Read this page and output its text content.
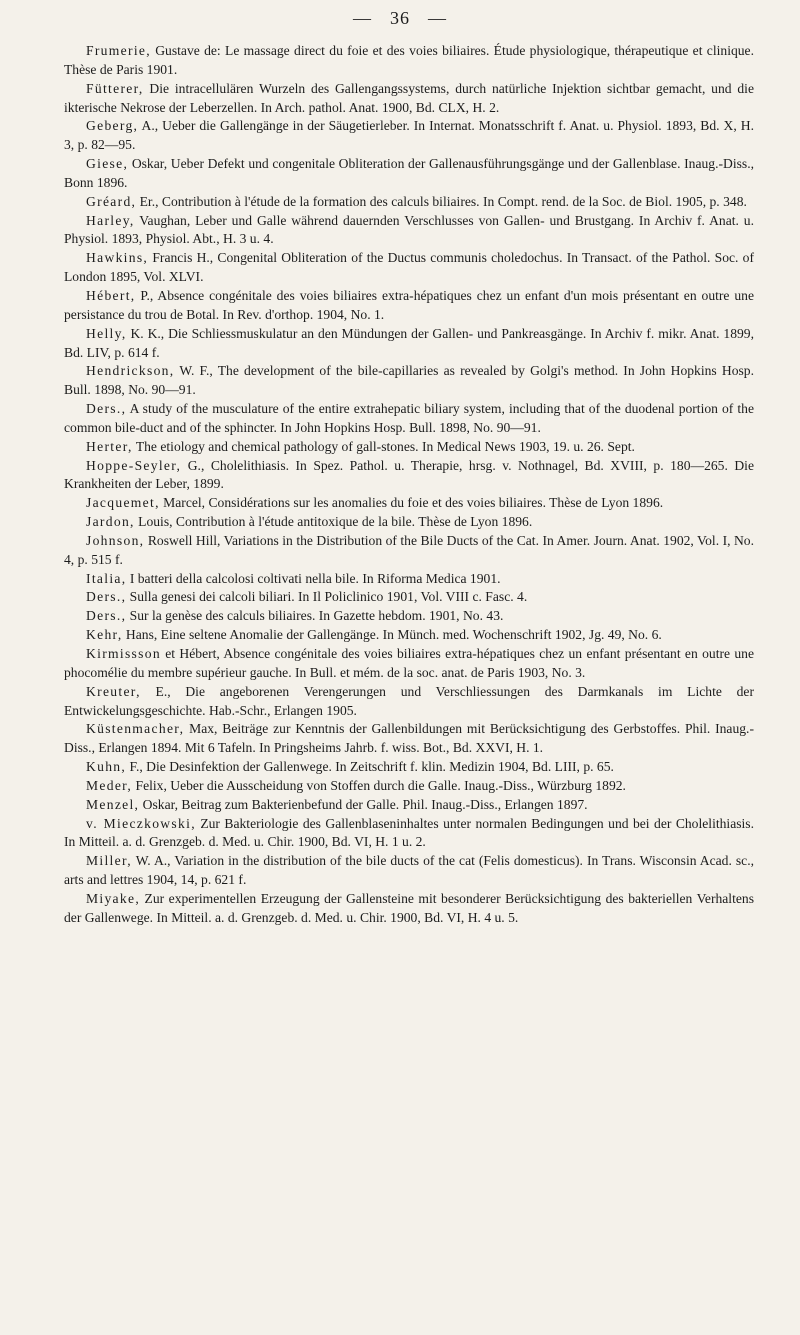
— 36 —

Frumerie, Gustave de: Le massage direct du foie et des voies biliaires. Étude physiologique, thérapeutique et clinique. Thèse de Paris 1901.

Fütterer, Die intracellulären Wurzeln des Gallengangssystems, durch natürliche Injektion sichtbar gemacht, und die ikterische Nekrose der Leberzellen. In Arch. pathol. Anat. 1900, Bd. CLX, H. 2.

Geberg, A., Ueber die Gallengänge in der Säugetierleber. In Internat. Monatsschrift f. Anat. u. Physiol. 1893, Bd. X, H. 3, p. 82—95.

Giese, Oskar, Ueber Defekt und congenitale Obliteration der Gallenausführungsgänge und der Gallenblase. Inaug.-Diss., Bonn 1896.

Gréard, Er., Contribution à l'étude de la formation des calculs biliaires. In Compt. rend. de la Soc. de Biol. 1905, p. 348.

Harley, Vaughan, Leber und Galle während dauernden Verschlusses von Gallen- und Brustgang. In Archiv f. Anat. u. Physiol. 1893, Physiol. Abt., H. 3 u. 4.

Hawkins, Francis H., Congenital Obliteration of the Ductus communis choledochus. In Transact. of the Pathol. Soc. of London 1895, Vol. XLVI.

Hébert, P., Absence congénitale des voies biliaires extra-hépatiques chez un enfant d'un mois présentant en outre une persistance du trou de Botal. In Rev. d'orthop. 1904, No. 1.

Helly, K. K., Die Schliessmuskulatur an den Mündungen der Gallen- und Pankreasgänge. In Archiv f. mikr. Anat. 1899, Bd. LIV, p. 614 f.

Hendrickson, W. F., The development of the bile-capillaries as revealed by Golgi's method. In John Hopkins Hosp. Bull. 1898, No. 90—91.

Ders., A study of the musculature of the entire extrahepatic biliary system, including that of the duodenal portion of the common bile-duct and of the sphincter. In John Hopkins Hosp. Bull. 1898, No. 90—91.

Herter, The etiology and chemical pathology of gall-stones. In Medical News 1903, 19. u. 26. Sept.

Hoppe-Seyler, G., Cholelithiasis. In Spez. Pathol. u. Therapie, hrsg. v. Nothnagel, Bd. XVIII, p. 180—265. Die Krankheiten der Leber, 1899.

Jacquemet, Marcel, Considérations sur les anomalies du foie et des voies biliaires. Thèse de Lyon 1896.

Jardon, Louis, Contribution à l'étude antitoxique de la bile. Thèse de Lyon 1896.

Johnson, Roswell Hill, Variations in the Distribution of the Bile Ducts of the Cat. In Amer. Journ. Anat. 1902, Vol. I, No. 4, p. 515 f.

Italia, I batteri della calcolosi coltivati nella bile. In Riforma Medica 1901.

Ders., Sulla genesi dei calcoli biliari. In Il Policlinico 1901, Vol. VIII c. Fasc. 4.

Ders., Sur la genèse des calculs biliaires. In Gazette hebdom. 1901, No. 43.

Kehr, Hans, Eine seltene Anomalie der Gallengänge. In Münch. med. Wochenschrift 1902, Jg. 49, No. 6.

Kirmissson et Hébert, Absence congénitale des voies biliaires extra-hépatiques chez un enfant présentant en outre une phocomélie du membre supérieur gauche. In Bull. et mém. de la soc. anat. de Paris 1903, No. 3.

Kreuter, E., Die angeborenen Verengerungen und Verschliessungen des Darmkanals im Lichte der Entwickelungsgeschichte. Hab.-Schr., Erlangen 1905.

Küstenmacher, Max, Beiträge zur Kenntnis der Gallenbildungen mit Berücksichtigung des Gerbstoffes. Phil. Inaug.-Diss., Erlangen 1894. Mit 6 Tafeln. In Pringsheims Jahrb. f. wiss. Bot., Bd. XXVI, H. 1.

Kuhn, F., Die Desinfektion der Gallenwege. In Zeitschrift f. klin. Medizin 1904, Bd. LIII, p. 65.

Meder, Felix, Ueber die Ausscheidung von Stoffen durch die Galle. Inaug.-Diss., Würzburg 1892.

Menzel, Oskar, Beitrag zum Bakterienbefund der Galle. Phil. Inaug.-Diss., Erlangen 1897.

v. Mieczkowski, Zur Bakteriologie des Gallenblaseninhaltes unter normalen Bedingungen und bei der Cholelithiasis. In Mitteil. a. d. Grenzgeb. d. Med. u. Chir. 1900, Bd. VI, H. 1 u. 2.

Miller, W. A., Variation in the distribution of the bile ducts of the cat (Felis domesticus). In Trans. Wisconsin Acad. sc., arts and lettres 1904, 14, p. 621 f.

Miyake, Zur experimentellen Erzeugung der Gallensteine mit besonderer Berücksichtigung des bakteriellen Verhaltens der Gallenwege. In Mitteil. a. d. Grenzgeb. d. Med. u. Chir. 1900, Bd. VI, H. 4 u. 5.
